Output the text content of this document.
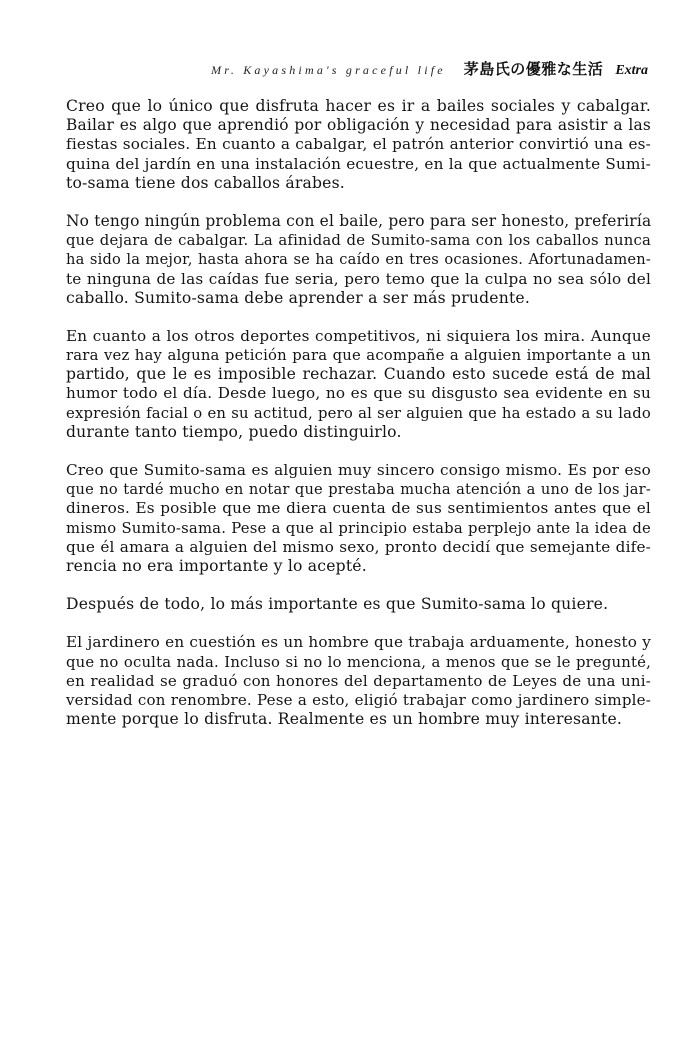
Mr. Kayashima's graceful life 茅島氏の優雅な生活 Extra
Creo que lo único que disfruta hacer es ir a bailes sociales y cabalgar.
Bailar es algo que aprendió por obligación y necesidad para asistir a las
fiestas sociales. En cuanto a cabalgar, el patrón anterior convirtió una es-
quina del jardín en una instalación ecuestre, en la que actualmente Sumi-
to-sama tiene dos caballos árabes.
No tengo ningún problema con el baile, pero para ser honesto, preferiría
que dejara de cabalgar. La afinidad de Sumito-sama con los caballos nunca
ha sido la mejor, hasta ahora se ha caído en tres ocasiones. Afortunadamen-
te ninguna de las caídas fue seria, pero temo que la culpa no sea sólo del
caballo. Sumito-sama debe aprender a ser más prudente.
En cuanto a los otros deportes competitivos, ni siquiera los mira. Aunque
rara vez hay alguna petición para que acompañe a alguien importante a un
partido, que le es imposible rechazar. Cuando esto sucede está de mal
humor todo el día. Desde luego, no es que su disgusto sea evidente en su
expresión facial o en su actitud, pero al ser alguien que ha estado a su lado
durante tanto tiempo, puedo distinguirlo.
Creo que Sumito-sama es alguien muy sincero consigo mismo. Es por eso
que no tardé mucho en notar que prestaba mucha atención a uno de los jar-
dineros. Es posible que me diera cuenta de sus sentimientos antes que el
mismo Sumito-sama. Pese a que al principio estaba perplejo ante la idea de
que él amara a alguien del mismo sexo, pronto decidí que semejante dife-
rencia no era importante y lo acepté.
Después de todo, lo más importante es que Sumito-sama lo quiere.
El jardinero en cuestión es un hombre que trabaja arduamente, honesto y
que no oculta nada. Incluso si no lo menciona, a menos que se le pregunté,
en realidad se graduó con honores del departamento de Leyes de una uni-
versidad con renombre. Pese a esto, eligió trabajar como jardinero simple-
mente porque lo disfruta. Realmente es un hombre muy interesante.
